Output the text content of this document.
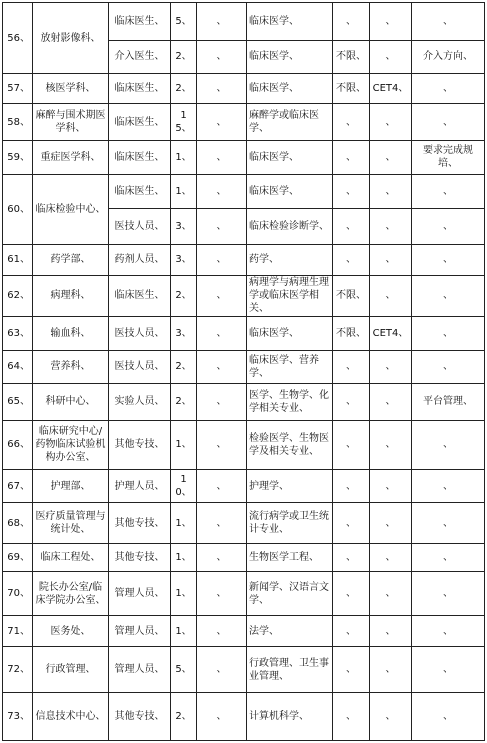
56、	放射影像科、	临床医生、	5、	、	临床医学、	、	、	、
		介入医生、	2、	、	临床医学、	不限、	、	介入方向、
57、	核医学科、	临床医生、	2、	、	临床医学、	不限、	CET4、	、
58、	麻醉与围术期医学科、	临床医生、	15、	、	麻醉学或临床医学、	、	、	、
59、	重症医学科、	临床医生、	1、	、	临床医学、	、	、	要求完成规培、
60、	临床检验中心、	临床医生、	1、	、	临床医学、	、	、	、
		医技人员、	3、	、	临床检验诊断学、	、	、	、
61、	药学部、	药剂人员、	3、	、	药学、	、	、	、
62、	病理科、	临床医生、	2、	、	病理学与病理生理学或临床医学相关、	不限、	、	、
63、	输血科、	医技人员、	3、	、	临床医学、	不限、	CET4、	、
64、	营养科、	医技人员、	2、	、	临床医学、营养学、	、	、	、
65、	科研中心、	实验人员、	2、	、	医学、生物学、化学相关专业、	、	、	平台管理、
66、	临床研究中心/药物临床试验机构办公室、	其他专技、	1、	、	检验医学、生物医学及相关专业、	、	、	、
67、	护理部、	护理人员、	10、	、	护理学、	、	、	、
68、	医疗质量管理与统计处、	其他专技、	1、	、	流行病学或卫生统计专业、	、	、	、
69、	临床工程处、	其他专技、	1、	、	生物医学工程、	、	、	、
70、	院长办公室/临床学院办公室、	管理人员、	1、	、	新闻学、汉语言文学、	、	、	、
71、	医务处、	管理人员、	1、	、	法学、	、	、	、
72、	行政管理、	管理人员、	5、	、	行政管理、卫生事业管理、	、	、	、
73、	信息技术中心、	其他专技、	2、	、	计算机科学、	、	、	、
